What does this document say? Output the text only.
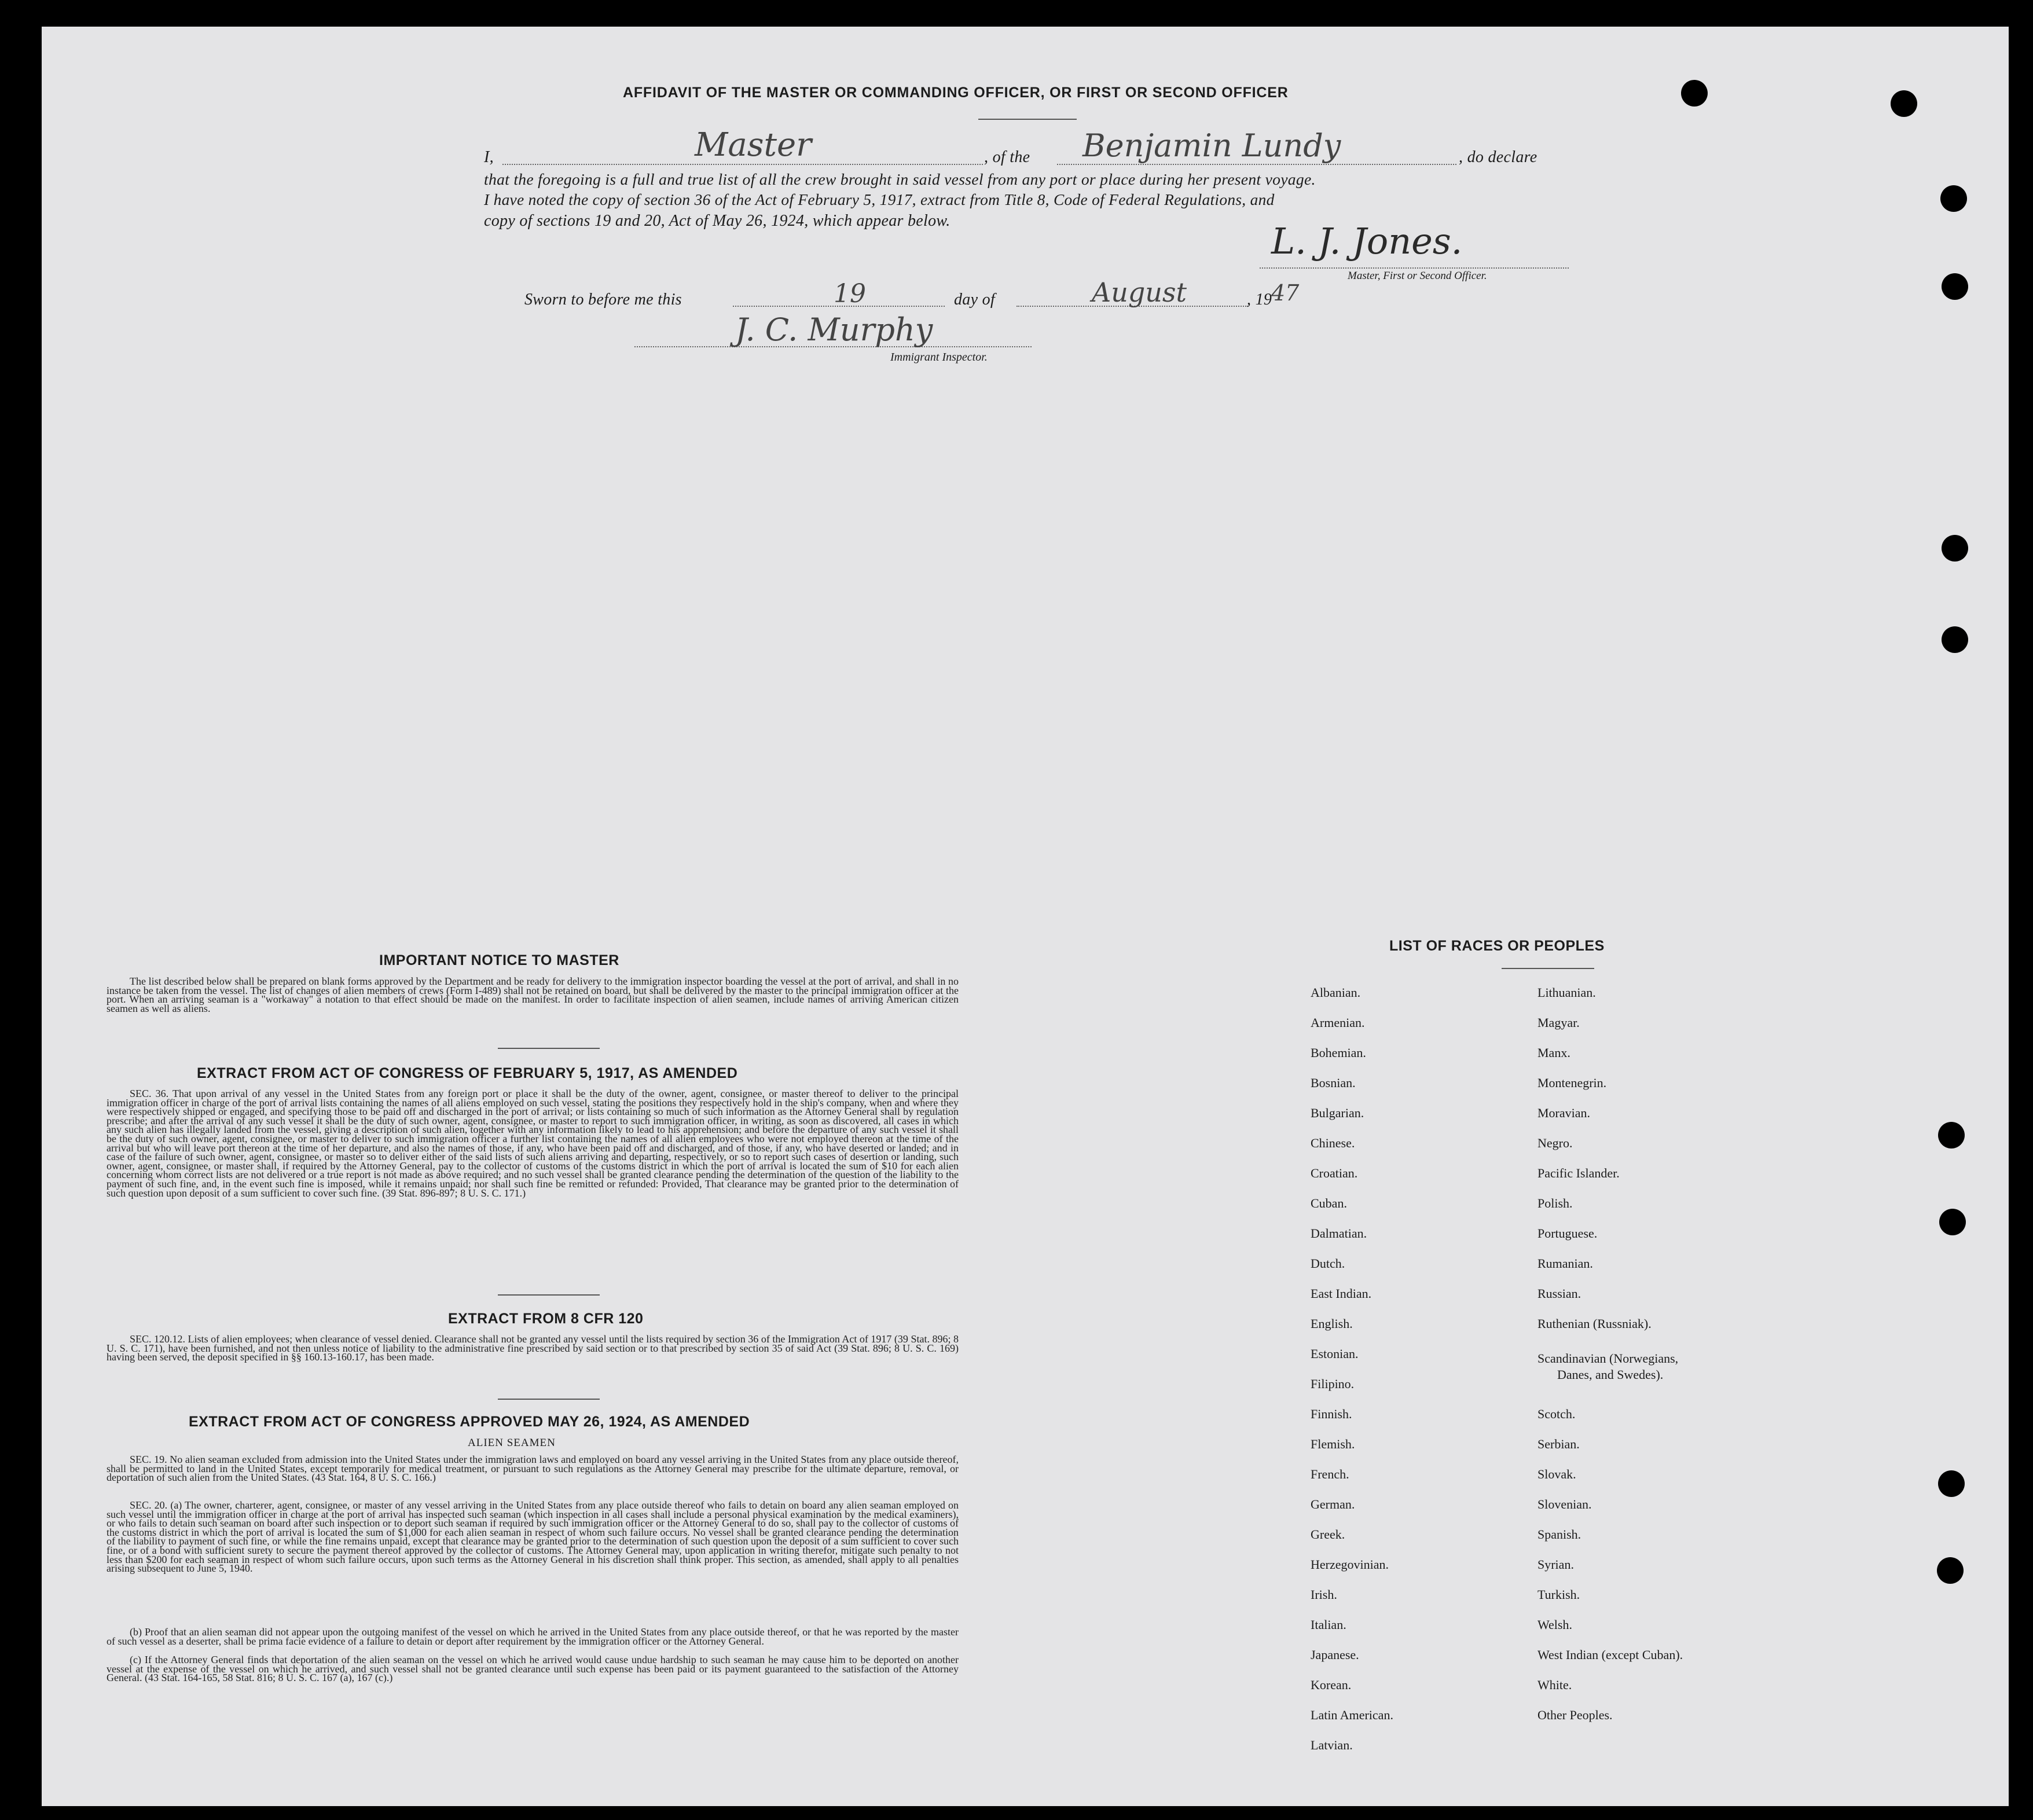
AFFIDAVIT OF THE MASTER OR COMMANDING OFFICER, OR FIRST OR SECOND OFFICER
I,	Master	, of the Benjamin Lundy	, do declare
that the foregoing is a full and true list of all the crew brought in said vessel from any port or place during her present voyage.
I have noted the copy of section 36 of the Act of February 5, 1917, extract from Title 8, Code of Federal Regulations, and
copy of sections 19 and 20, Act of May 26, 1924, which appear below.	L. J. Jones.
Master, First or Second Officer.
Sworn to before me this	19	day of	August	, 19
47
J. C. Murphy
Immigrant Inspector.
IMPORTANT NOTICE TO MASTER
The list described below shall be prepared on blank forms approved by the Department and be ready for delivery to the immigration inspector boarding the vessel at the port of arrival, and shall in no instance be taken from the vessel. The list of changes of alien members of crews (Form I-489) shall not be retained on board, but shall be delivered by the master to the principal immigration officer at the port. When an arriving seaman is a "workaway" a notation to that effect should be made on the manifest. In order to facilitate inspection of alien seamen, include names of arriving American citizen seamen as well as aliens.
EXTRACT FROM ACT OF CONGRESS OF FEBRUARY 5, 1917, AS AMENDED
SEC. 36. That upon arrival of any vessel in the United States from any foreign port or place it shall be the duty of the owner, agent, consignee, or master thereof to deliver to the principal immigration officer in charge of the port of arrival lists containing the names of all aliens employed on such vessel, stating the positions they respectively hold in the ship's company, when and where they were respectively shipped or engaged, and specifying those to be paid off and discharged in the port of arrival; or lists containing so much of such information as the Attorney General shall by regulation prescribe; and after the arrival of any such vessel it shall be the duty of such owner, agent, consignee, or master to report to such immigration officer, in writing, as soon as discovered, all cases in which any such alien has illegally landed from the vessel, giving a description of such alien, together with any information likely to lead to his apprehension; and before the departure of any such vessel it shall be the duty of such owner, agent, consignee, or master to deliver to such immigration officer a further list containing the names of all alien employees who were not employed thereon at the time of the arrival but who will leave port thereon at the time of her departure, and also the names of those, if any, who have been paid off and discharged, and of those, if any, who have deserted or landed; and in case of the failure of such owner, agent, consignee, or master so to deliver either of the said lists of such aliens arriving and departing, respectively, or so to report such cases of desertion or landing, such owner, agent, consignee, or master shall, if required by the Attorney General, pay to the collector of customs of the customs district in which the port of arrival is located the sum of $10 for each alien concerning whom correct lists are not delivered or a true report is not made as above required; and no such vessel shall be granted clearance pending the determination of the question of the liability to the payment of such fine, and, in the event such fine is imposed, while it remains unpaid; nor shall such fine be remitted or refunded: Provided, That clearance may be granted prior to the determination of such question upon deposit of a sum sufficient to cover such fine. (39 Stat. 896-897; 8 U. S. C. 171.)
EXTRACT FROM 8 CFR 120
SEC. 120.12. Lists of alien employees; when clearance of vessel denied. Clearance shall not be granted any vessel until the lists required by section 36 of the Immigration Act of 1917 (39 Stat. 896; 8 U. S. C. 171), have been furnished, and not then unless notice of liability to the administrative fine prescribed by said section or to that prescribed by section 35 of said Act (39 Stat. 896; 8 U. S. C. 169) having been served, the deposit specified in §§ 160.13-160.17, has been made.
EXTRACT FROM ACT OF CONGRESS APPROVED MAY 26, 1924, AS AMENDED
ALIEN SEAMEN
SEC. 19. No alien seaman excluded from admission into the United States under the immigration laws and employed on board any vessel arriving in the United States from any place outside thereof, shall be permitted to land in the United States, except temporarily for medical treatment, or pursuant to such regulations as the Attorney General may prescribe for the ultimate departure, removal, or deportation of such alien from the United States. (43 Stat. 164, 8 U. S. C. 166.)
SEC. 20. (a) The owner, charterer, agent, consignee, or master of any vessel arriving in the United States from any place outside thereof who fails to detain on board any alien seaman employed on such vessel until the immigration officer in charge at the port of arrival has inspected such seaman (which inspection in all cases shall include a personal physical examination by the medical examiners), or who fails to detain such seaman on board after such inspection or to deport such seaman if required by such immigration officer or the Attorney General to do so, shall pay to the collector of customs of the customs district in which the port of arrival is located the sum of $1,000 for each alien seaman in respect of whom such failure occurs. No vessel shall be granted clearance pending the determination of the liability to payment of such fine, or while the fine remains unpaid, except that clearance may be granted prior to the determination of such question upon the deposit of a sum sufficient to cover such fine, or of a bond with sufficient surety to secure the payment thereof approved by the collector of customs. The Attorney General may, upon application in writing therefor, mitigate such penalty to not less than $200 for each seaman in respect of whom such failure occurs, upon such terms as the Attorney General in his discretion shall think proper. This section, as amended, shall apply to all penalties arising subsequent to June 5, 1940.
(b) Proof that an alien seaman did not appear upon the outgoing manifest of the vessel on which he arrived in the United States from any place outside thereof, or that he was reported by the master of such vessel as a deserter, shall be prima facie evidence of a failure to detain or deport after requirement by the immigration officer or the Attorney General.
(c) If the Attorney General finds that deportation of the alien seaman on the vessel on which he arrived would cause undue hardship to such seaman he may cause him to be deported on another vessel at the expense of the vessel on which he arrived, and such vessel shall not be granted clearance until such expense has been paid or its payment guaranteed to the satisfaction of the Attorney General. (43 Stat. 164-165, 58 Stat. 816; 8 U. S. C. 167 (a), 167 (c).)
LIST OF RACES OR PEOPLES
Albanian.
Armenian.
Bohemian.
Bosnian.
Bulgarian.
Chinese.
Croatian.
Cuban.
Dalmatian.
Dutch.
East Indian.
English.
Estonian.
Filipino.
Finnish.
Flemish.
French.
German.
Greek.
Herzegovinian.
Irish.
Italian.
Japanese.
Korean.
Latin American.
Latvian.
Lithuanian.
Magyar.
Manx.
Montenegrin.
Moravian.
Negro.
Pacific Islander.
Polish.
Portuguese.
Rumanian.
Russian.
Ruthenian (Russniak).
Scandinavian (Norwegians,
Danes, and Swedes).
Scotch.
Serbian.
Slovak.
Slovenian.
Spanish.
Syrian.
Turkish.
Welsh.
West Indian (except Cuban).
White.
Other Peoples.
